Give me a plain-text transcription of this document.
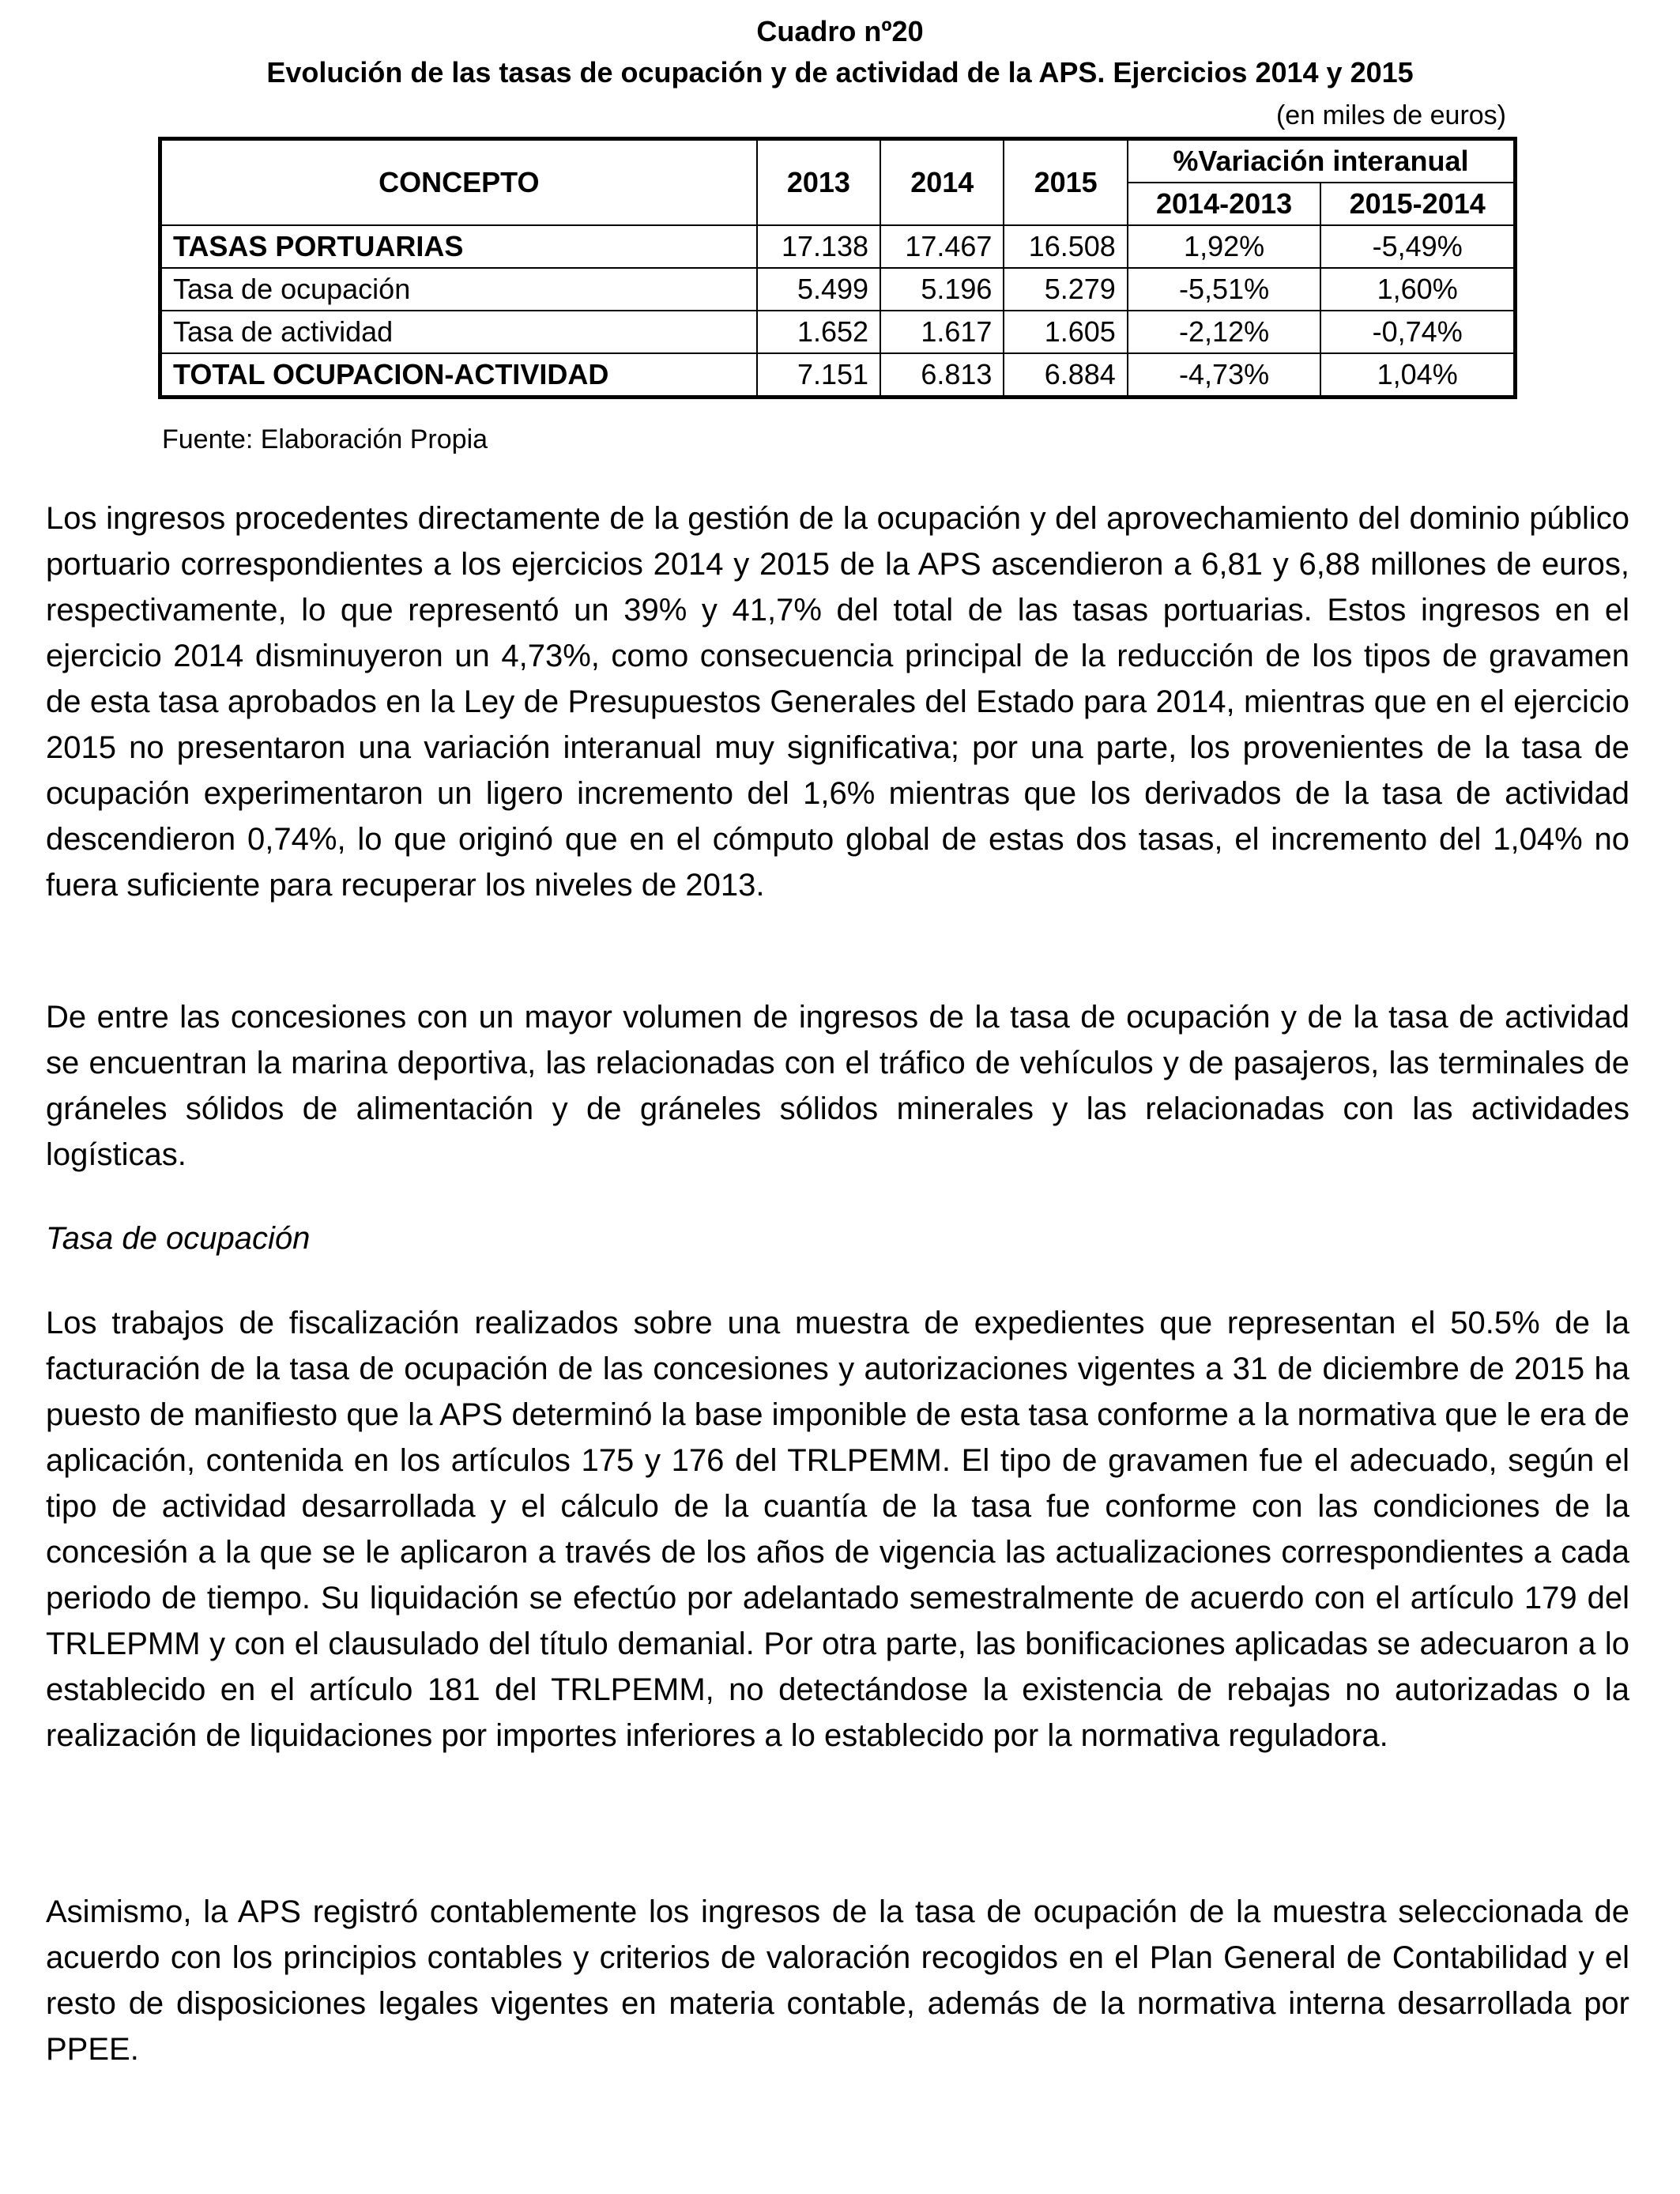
Cuadro nº20
Evolución de las tasas de ocupación y de actividad de la APS. Ejercicios 2014 y 2015
(en miles de euros)
CONCEPTO	2013	2014	2015	%Variación interanual	
				2014-2013	2015-2014
TASAS PORTUARIAS	17.138	17.467	16.508	1,92%	-5,49%
Tasa de ocupación	5.499	5.196	5.279	-5,51%	1,60%
Tasa de actividad	1.652	1.617	1.605	-2,12%	-0,74%
TOTAL OCUPACION-ACTIVIDAD	7.151	6.813	6.884	-4,73%	1,04%
Fuente: Elaboración Propia

Los ingresos procedentes directamente de la gestión de la ocupación y del aprovechamiento del dominio público portuario correspondientes a los ejercicios 2014 y 2015 de la APS ascendieron a 6,81 y 6,88 millones de euros, respectivamente, lo que representó un 39% y 41,7% del total de las tasas portuarias. Estos ingresos en el ejercicio 2014 disminuyeron un 4,73%, como consecuencia principal de la reducción de los tipos de gravamen de esta tasa aprobados en la Ley de Presupuestos Generales del Estado para 2014, mientras que en el ejercicio 2015 no presentaron una variación interanual muy significativa; por una parte, los provenientes de la tasa de ocupación experimentaron un ligero incremento del 1,6% mientras que los derivados de la tasa de actividad descendieron 0,74%, lo que originó que en el cómputo global de estas dos tasas, el incremento del 1,04% no fuera suficiente para recuperar los niveles de 2013.

De entre las concesiones con un mayor volumen de ingresos de la tasa de ocupación y de la tasa de actividad se encuentran la marina deportiva, las relacionadas con el tráfico de vehículos y de pasajeros, las terminales de gráneles sólidos de alimentación y de gráneles sólidos minerales y las relacionadas con las actividades logísticas.

Tasa de ocupación

Los trabajos de fiscalización realizados sobre una muestra de expedientes que representan el 50.5% de la facturación de la tasa de ocupación de las concesiones y autorizaciones vigentes a 31 de diciembre de 2015 ha puesto de manifiesto que la APS determinó la base imponible de esta tasa conforme a la normativa que le era de aplicación, contenida en los artículos 175 y 176 del TRLPEMM. El tipo de gravamen fue el adecuado, según el tipo de actividad desarrollada y el cálculo de la cuantía de la tasa fue conforme con las condiciones de la concesión a la que se le aplicaron a través de los años de vigencia las actualizaciones correspondientes a cada periodo de tiempo. Su liquidación se efectúo por adelantado semestralmente de acuerdo con el artículo 179 del TRLEPMM y con el clausulado del título demanial. Por otra parte, las bonificaciones aplicadas se adecuaron a lo establecido en el artículo 181 del TRLPEMM, no detectándose la existencia de rebajas no autorizadas o la realización de liquidaciones por importes inferiores a lo establecido por la normativa reguladora.

Asimismo, la APS registró contablemente los ingresos de la tasa de ocupación de la muestra seleccionada de acuerdo con los principios contables y criterios de valoración recogidos en el Plan General de Contabilidad y el resto de disposiciones legales vigentes en materia contable, además de la normativa interna desarrollada por PPEE.
